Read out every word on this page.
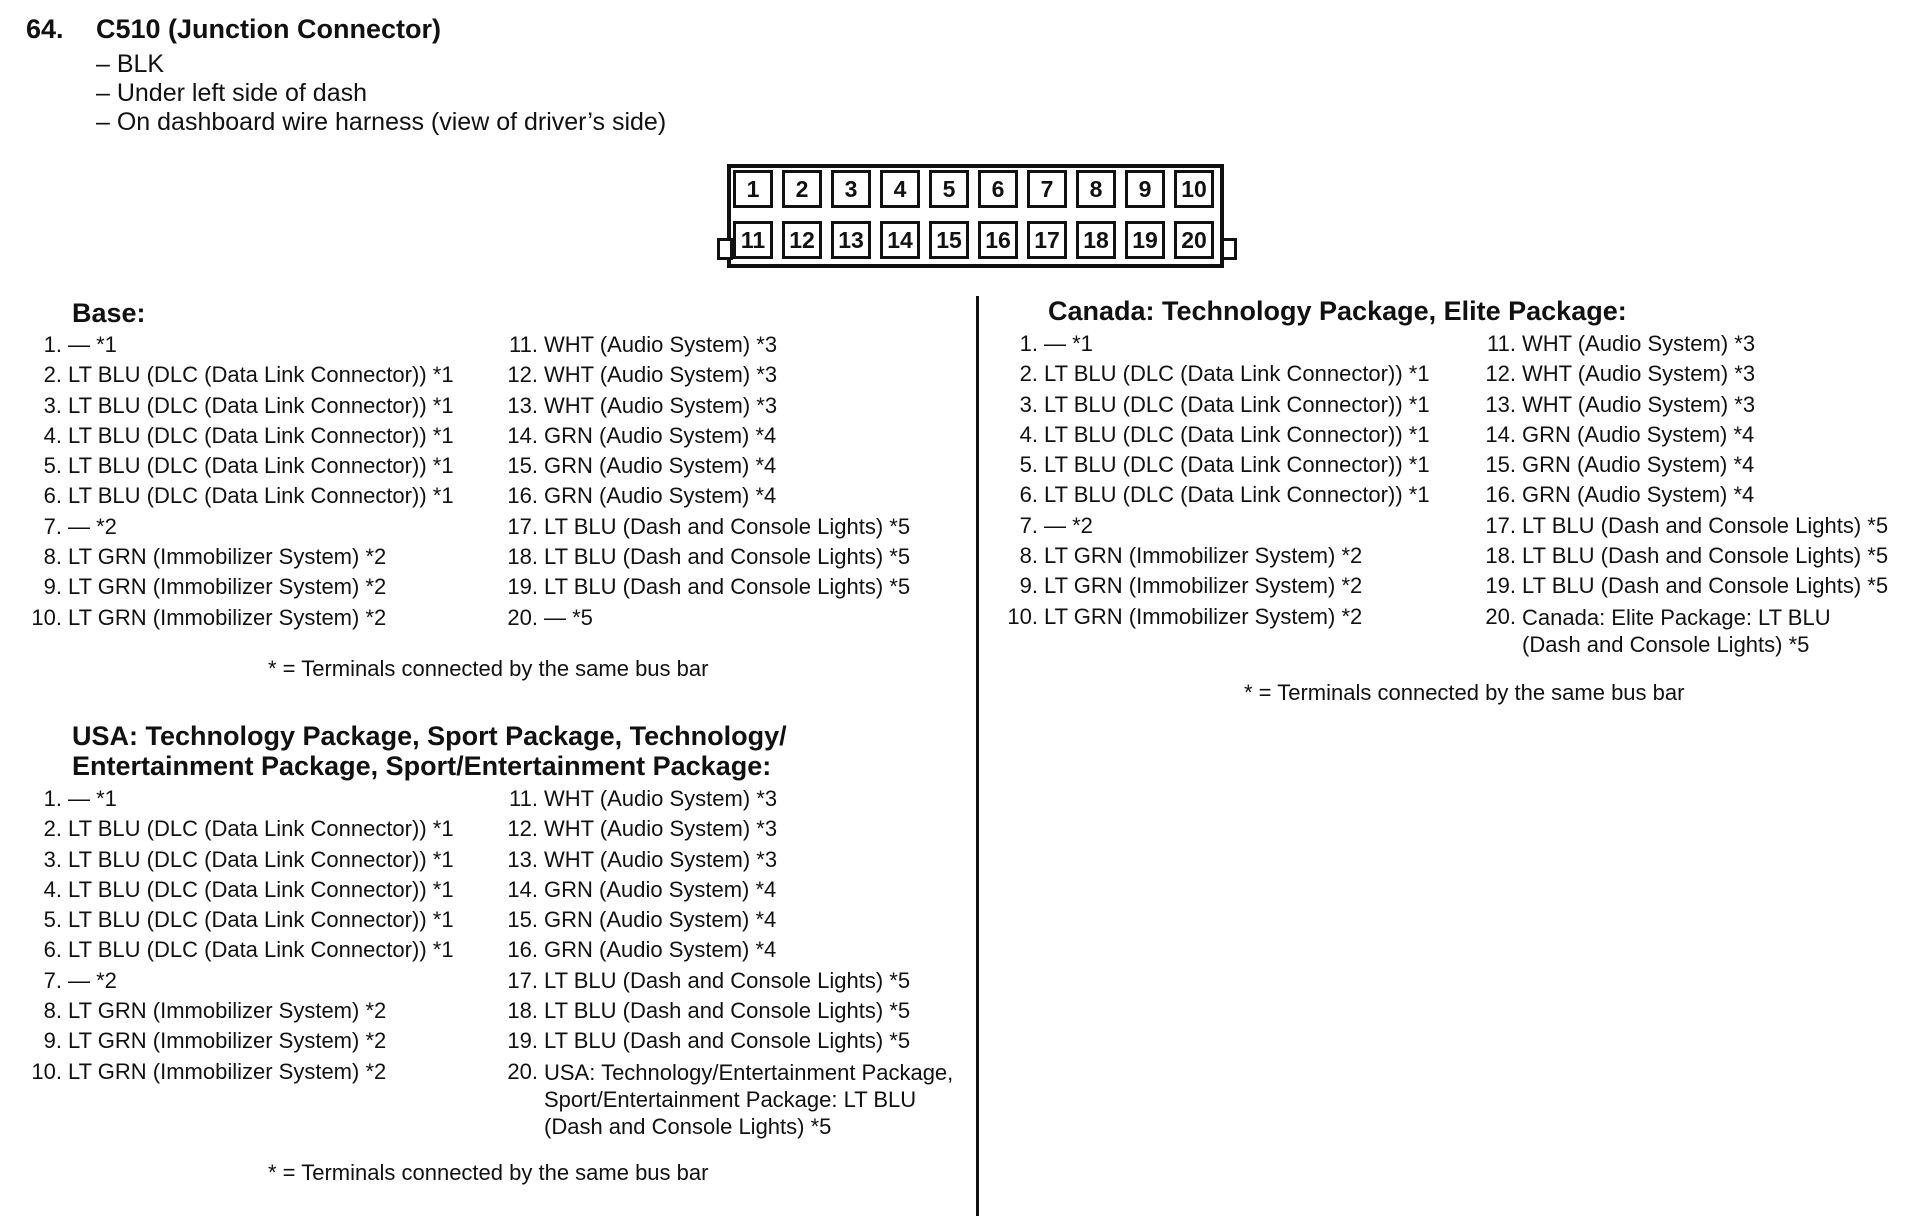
64. C510 (Junction Connector)
– BLK
– Under left side of dash
– On dashboard wire harness (view of driver’s side)
1	2	3	4	5	6	7	8	9	10
11	12	13	14	15	16	17	18	19	20
Base:
1. — *1
2. LT BLU (DLC (Data Link Connector)) *1
3. LT BLU (DLC (Data Link Connector)) *1
4. LT BLU (DLC (Data Link Connector)) *1
5. LT BLU (DLC (Data Link Connector)) *1
6. LT BLU (DLC (Data Link Connector)) *1
7. — *2
8. LT GRN (Immobilizer System) *2
9. LT GRN (Immobilizer System) *2
10. LT GRN (Immobilizer System) *2
11. WHT (Audio System) *3
12. WHT (Audio System) *3
13. WHT (Audio System) *3
14. GRN (Audio System) *4
15. GRN (Audio System) *4
16. GRN (Audio System) *4
17. LT BLU (Dash and Console Lights) *5
18. LT BLU (Dash and Console Lights) *5
19. LT BLU (Dash and Console Lights) *5
20. — *5
* = Terminals connected by the same bus bar
USA: Technology Package, Sport Package, Technology/
Entertainment Package, Sport/Entertainment Package:
1. — *1
2. LT BLU (DLC (Data Link Connector)) *1
3. LT BLU (DLC (Data Link Connector)) *1
4. LT BLU (DLC (Data Link Connector)) *1
5. LT BLU (DLC (Data Link Connector)) *1
6. LT BLU (DLC (Data Link Connector)) *1
7. — *2
8. LT GRN (Immobilizer System) *2
9. LT GRN (Immobilizer System) *2
10. LT GRN (Immobilizer System) *2
11. WHT (Audio System) *3
12. WHT (Audio System) *3
13. WHT (Audio System) *3
14. GRN (Audio System) *4
15. GRN (Audio System) *4
16. GRN (Audio System) *4
17. LT BLU (Dash and Console Lights) *5
18. LT BLU (Dash and Console Lights) *5
19. LT BLU (Dash and Console Lights) *5
20. USA: Technology/Entertainment Package, Sport/Entertainment Package: LT BLU (Dash and Console Lights) *5
* = Terminals connected by the same bus bar
Canada: Technology Package, Elite Package:
1. — *1
2. LT BLU (DLC (Data Link Connector)) *1
3. LT BLU (DLC (Data Link Connector)) *1
4. LT BLU (DLC (Data Link Connector)) *1
5. LT BLU (DLC (Data Link Connector)) *1
6. LT BLU (DLC (Data Link Connector)) *1
7. — *2
8. LT GRN (Immobilizer System) *2
9. LT GRN (Immobilizer System) *2
10. LT GRN (Immobilizer System) *2
11. WHT (Audio System) *3
12. WHT (Audio System) *3
13. WHT (Audio System) *3
14. GRN (Audio System) *4
15. GRN (Audio System) *4
16. GRN (Audio System) *4
17. LT BLU (Dash and Console Lights) *5
18. LT BLU (Dash and Console Lights) *5
19. LT BLU (Dash and Console Lights) *5
20. Canada: Elite Package: LT BLU (Dash and Console Lights) *5
* = Terminals connected by the same bus bar
